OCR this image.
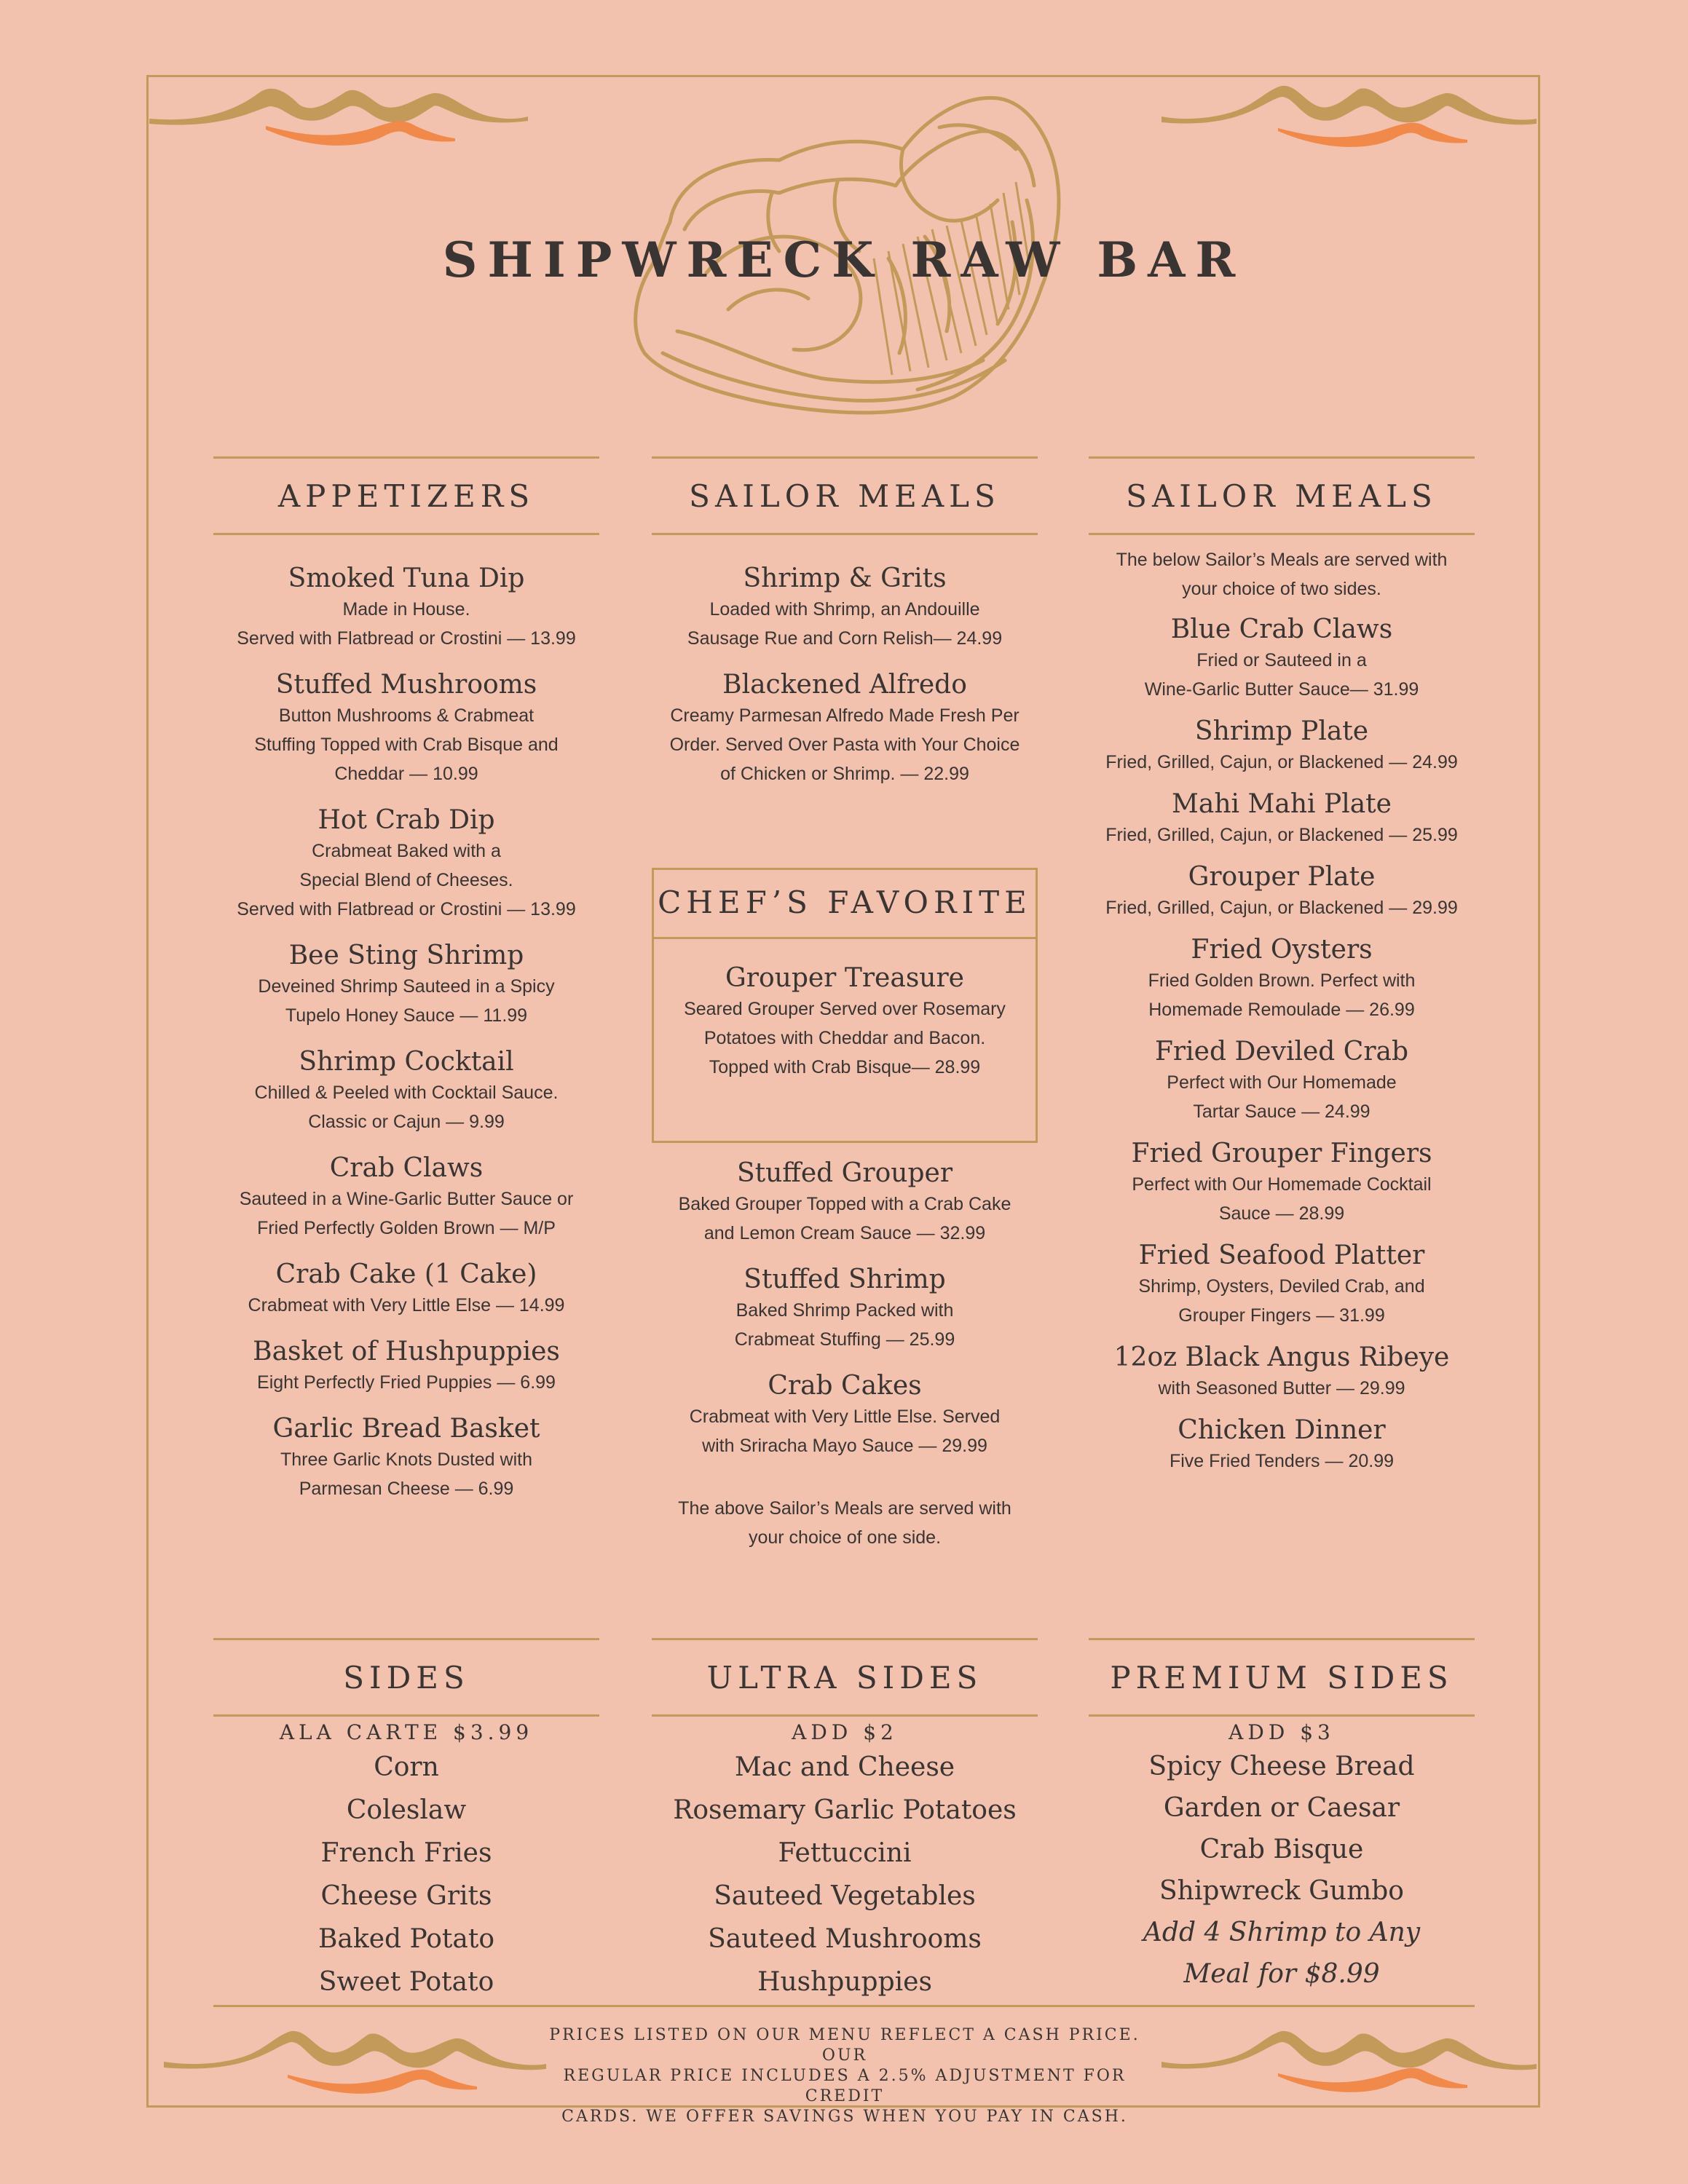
SHIPWRECK RAW BAR
APPETIZERS
Smoked Tuna Dip
Made in House.
Served with Flatbread or Crostini — 13.99
Stuffed Mushrooms
Button Mushrooms & Crabmeat
Stuffing Topped with Crab Bisque and
Cheddar — 10.99
Hot Crab Dip
Crabmeat Baked with a
Special Blend of Cheeses.
Served with Flatbread or Crostini — 13.99
Bee Sting Shrimp
Deveined Shrimp Sauteed in a Spicy
Tupelo Honey Sauce — 11.99
Shrimp Cocktail
Chilled & Peeled with Cocktail Sauce.
Classic or Cajun — 9.99
Crab Claws
Sauteed in a Wine-Garlic Butter Sauce or
Fried Perfectly Golden Brown — M/P
Crab Cake (1 Cake)
Crabmeat with Very Little Else — 14.99
Basket of Hushpuppies
Eight Perfectly Fried Puppies — 6.99
Garlic Bread Basket
Three Garlic Knots Dusted with
Parmesan Cheese — 6.99
SAILOR MEALS
Shrimp & Grits
Loaded with Shrimp, an Andouille
Sausage Rue and Corn Relish— 24.99
Blackened Alfredo
Creamy Parmesan Alfredo Made Fresh Per
Order. Served Over Pasta with Your Choice
of Chicken or Shrimp. — 22.99
CHEF’S FAVORITE
Grouper Treasure
Seared Grouper Served over Rosemary
Potatoes with Cheddar and Bacon.
Topped with Crab Bisque— 28.99
Stuffed Grouper
Baked Grouper Topped with a Crab Cake
and Lemon Cream Sauce — 32.99
Stuffed Shrimp
Baked Shrimp Packed with
Crabmeat Stuffing — 25.99
Crab Cakes
Crabmeat with Very Little Else. Served
with Sriracha Mayo Sauce — 29.99
The above Sailor’s Meals are served with
your choice of one side.
SAILOR MEALS
The below Sailor’s Meals are served with
your choice of two sides.
Blue Crab Claws
Fried or Sauteed in a
Wine-Garlic Butter Sauce— 31.99
Shrimp Plate
Fried, Grilled, Cajun, or Blackened — 24.99
Mahi Mahi Plate
Fried, Grilled, Cajun, or Blackened — 25.99
Grouper Plate
Fried, Grilled, Cajun, or Blackened — 29.99
Fried Oysters
Fried Golden Brown. Perfect with
Homemade Remoulade — 26.99
Fried Deviled Crab
Perfect with Our Homemade
Tartar Sauce — 24.99
Fried Grouper Fingers
Perfect with Our Homemade Cocktail
Sauce — 28.99
Fried Seafood Platter
Shrimp, Oysters, Deviled Crab, and
Grouper Fingers — 31.99
12oz Black Angus Ribeye
with Seasoned Butter — 29.99
Chicken Dinner
Five Fried Tenders — 20.99
SIDES
ALA CARTE $3.99
Corn
Coleslaw
French Fries
Cheese Grits
Baked Potato
Sweet Potato
ULTRA SIDES
ADD $2
Mac and Cheese
Rosemary Garlic Potatoes
Fettuccini
Sauteed Vegetables
Sauteed Mushrooms
Hushpuppies
PREMIUM SIDES
ADD $3
Spicy Cheese Bread
Garden or Caesar
Crab Bisque
Shipwreck Gumbo
Add 4 Shrimp to Any
Meal for $8.99
PRICES LISTED ON OUR MENU REFLECT A CASH PRICE. OUR
REGULAR PRICE INCLUDES A 2.5% ADJUSTMENT FOR CREDIT
CARDS. WE OFFER SAVINGS WHEN YOU PAY IN CASH.
